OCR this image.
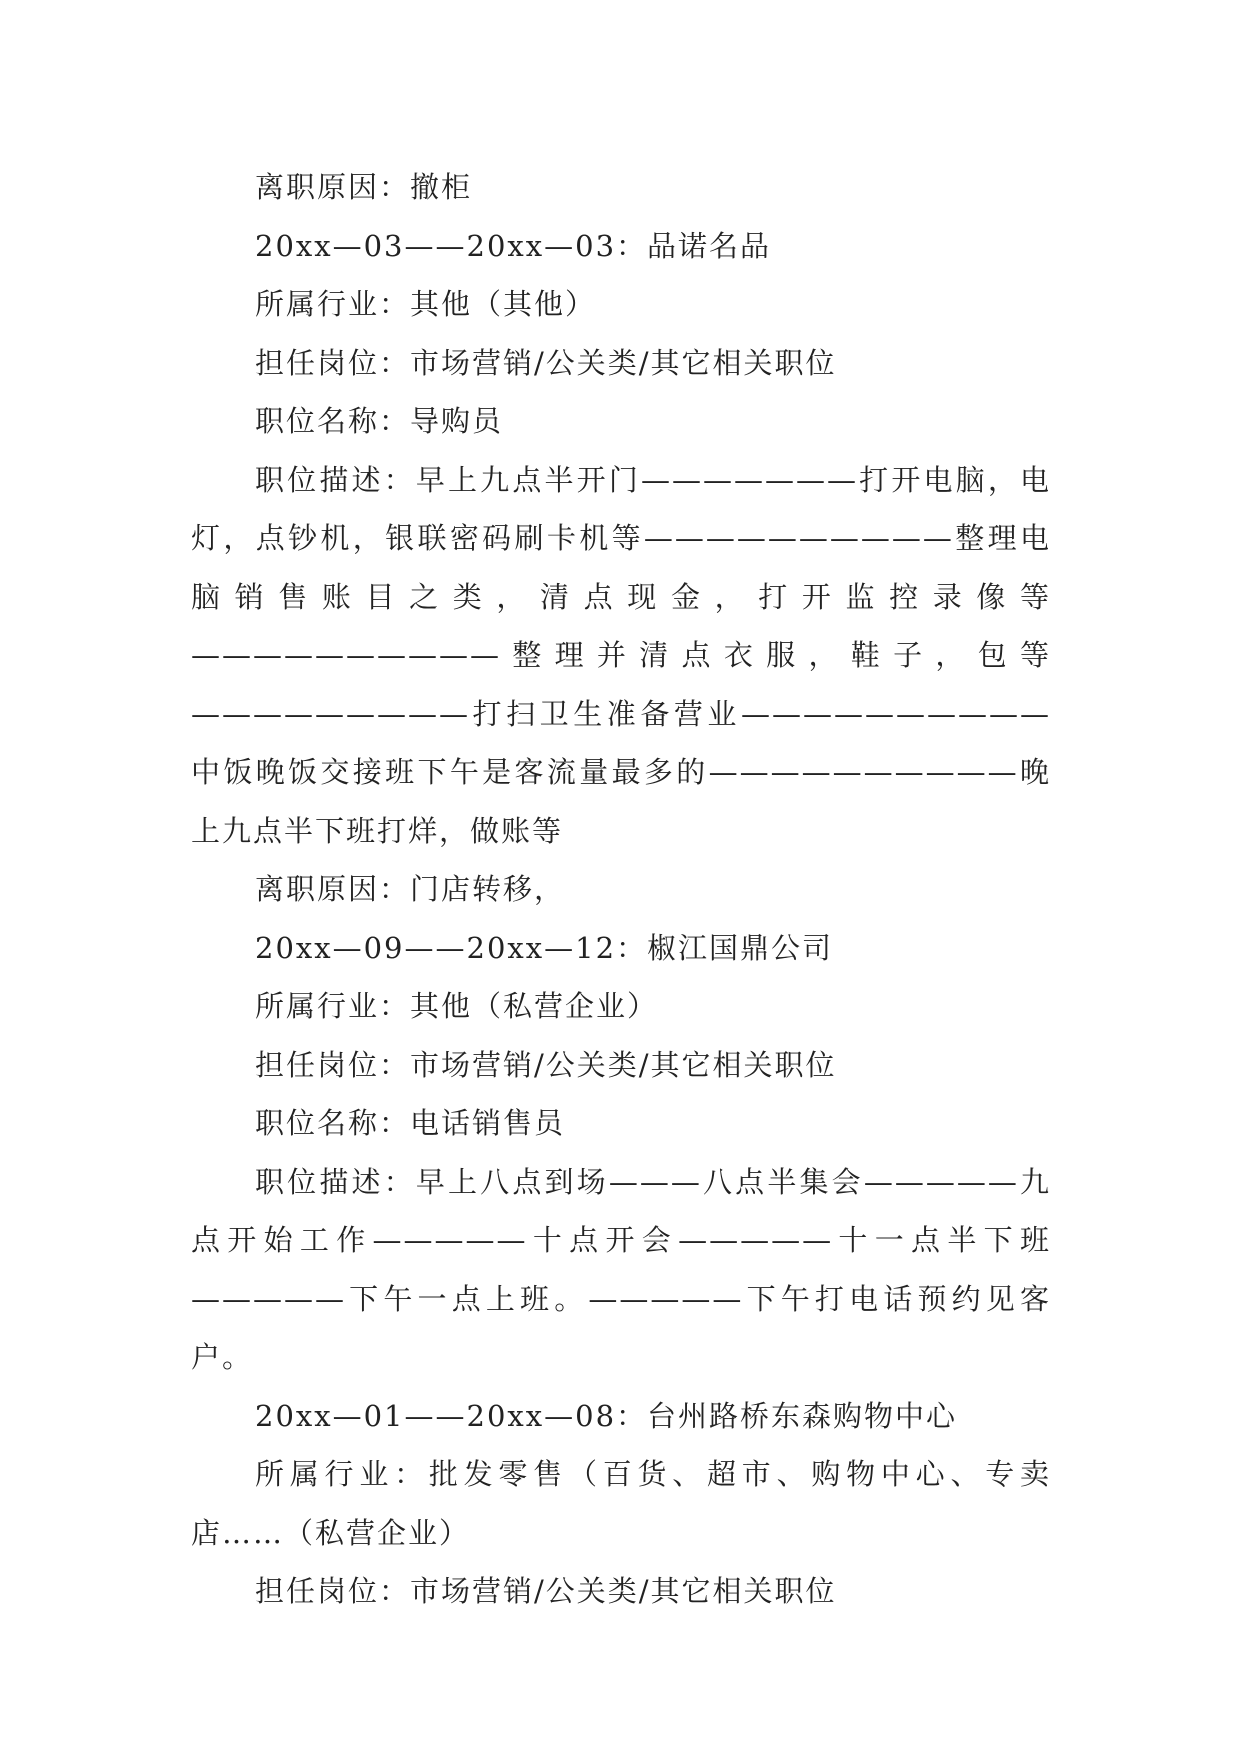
离职原因：撤柜

20xx—03——20xx—03：品诺名品

所属行业：其他（其他）

担任岗位：市场营销/公关类/其它相关职位

职位名称：导购员

职位描述：早上九点半开门———————打开电脑，电灯，点钞机，银联密码刷卡机等——————————整理电脑销售账目之类，清点现金，打开监控录像等——————————整理并清点衣服，鞋子，包等—————————打扫卫生准备营业——————————中饭晚饭交接班下午是客流量最多的——————————晚上九点半下班打烊，做账等

离职原因：门店转移，

20xx—09——20xx—12：椒江国鼎公司

所属行业：其他（私营企业）

担任岗位：市场营销/公关类/其它相关职位

职位名称：电话销售员

职位描述：早上八点到场———八点半集会—————九点开始工作—————十点开会—————十一点半下班—————下午一点上班。—————下午打电话预约见客户。

20xx—01——20xx—08：台州路桥东森购物中心

所属行业：批发零售（百货、超市、购物中心、专卖店……（私营企业）

担任岗位：市场营销/公关类/其它相关职位
